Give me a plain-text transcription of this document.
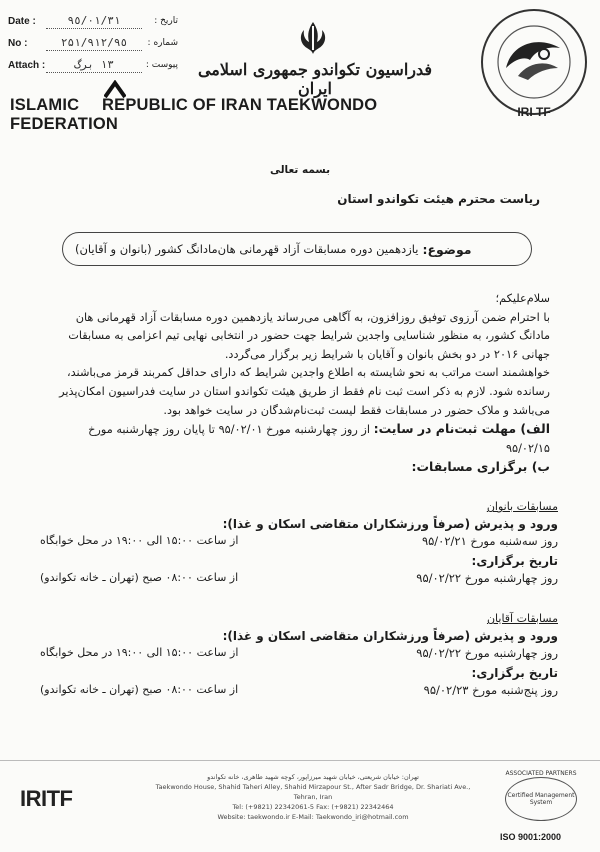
Date :	٩٥/٠١/٣١	تاریخ :
No :	٢۵١/٩١٢/٩٥	شماره :
Attach :	١٣ برگ	پیوست :	فدراسیون تکواندو جمهوری اسلامی ایران
ISLAMIC REPUBLIC OF IRAN TAEKWONDO FEDERATION
IRI TF
بسمه تعالی
ریاست محترم هیئت تکواندو استان
موضوع:
یازدهمین دوره مسابقات آزاد قهرمانی هان‌مادانگ کشور (بانوان و آقایان)

سلام‌علیکم؛

با احترام ضمن آرزوی توفیق روزافزون، به آگاهی می‌رساند یازدهمین دوره مسابقات آزاد قهرمانی هان مادانگ کشور، به منظور شناسایی واجدین شرایط جهت حضور در انتخابی نهایی تیم اعزامی به مسابقات جهانی ۲۰۱۶ در دو بخش بانوان و آقایان با شرایط زیر برگزار می‌گردد.

خواهشمند است مراتب به نحو شایسته به اطلاع واجدین شرایط که دارای حداقل کمربند قرمز می‌باشند، رسانده شود. لازم به ذکر است ثبت نام فقط از طریق هیئت تکواندو استان در سایت فدراسیون امکان‌پذیر می‌باشد و ملاک حضور در مسابقات فقط لیست ثبت‌نام‌شدگان در سایت خواهد بود.

الف) مهلت ثبت‌نام در سایت: از روز چهارشنبه مورخ ۹۵/۰۲/۰۱ تا پایان روز چهارشنبه مورخ ۹۵/۰۲/۱۵

ب) برگزاری مسابقات:

مسابقات بانوان
ورود و پذیرش (صرفاً ورزشکاران متقاضی اسکان و غذا):
روز سه‌شنبه مورخ ۹۵/۰۲/۲۱
از ساعت ۱۵:۰۰ الی ۱۹:۰۰ در محل خوابگاه
تاریخ برگزاری:
روز چهارشنبه مورخ ۹۵/۰۲/۲۲
از ساعت ۰۸:۰۰ صبح (تهران ـ خانه تکواندو)
مسابقات آقایان
ورود و پذیرش (صرفاً ورزشکاران متقاضی اسکان و غذا):
روز چهارشنبه مورخ ۹۵/۰۲/۲۲
از ساعت ۱۵:۰۰ الی ۱۹:۰۰ در محل خوابگاه
تاریخ برگزاری:
روز پنج‌شنبه مورخ ۹۵/۰۲/۲۳
از ساعت ۰۸:۰۰ صبح (تهران ـ خانه تکواندو)
IRITF
تهران: خیابان شریعتی، خیابان شهید میرزاپور، کوچه شهید طاهری، خانه تکواندو
Taekwondo House, Shahid Taheri Alley, Shahid Mirzapour St., After Sadr Bridge, Dr. Shariati Ave., Tehran, Iran
Tel: (+9821) 22342061-5 Fax: (+9821) 22342464
Website: taekwondo.ir E-Mail: Taekwondo_iri@hotmail.com
ASSOCIATED PARTNERS
Certified Management System
ISO 9001:2000
